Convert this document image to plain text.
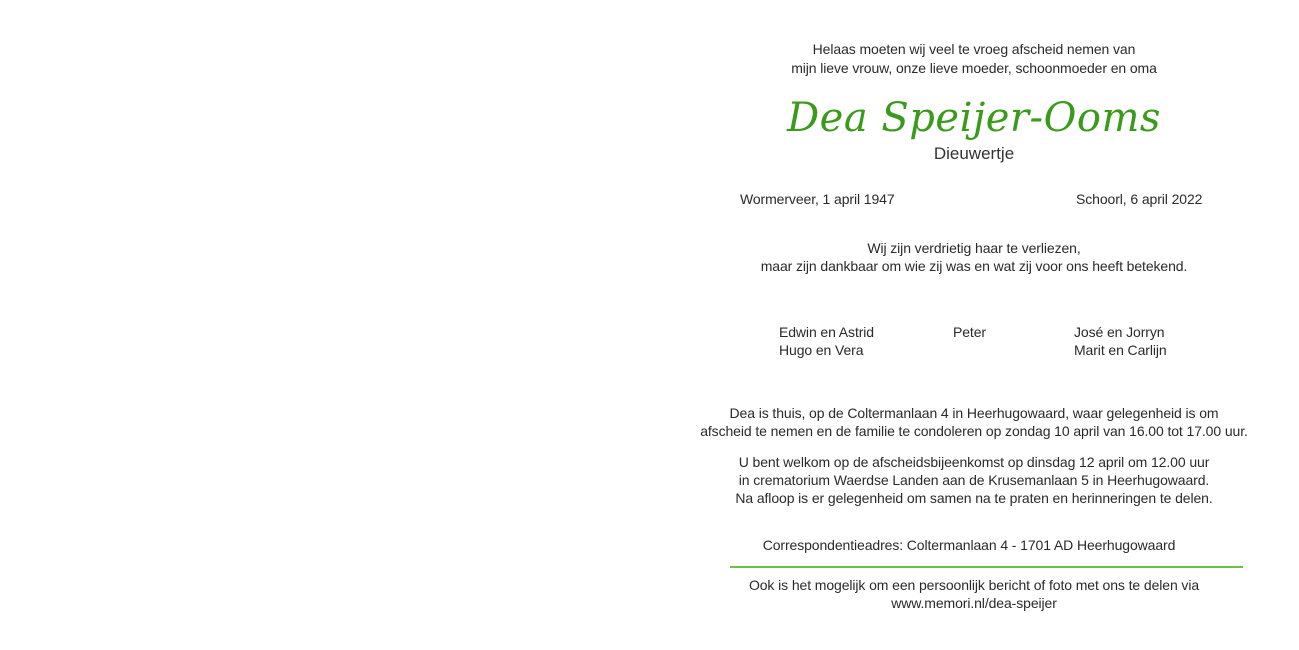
Helaas moeten wij veel te vroeg afscheid nemen van
mijn lieve vrouw, onze lieve moeder, schoonmoeder en oma
Dea Speijer-Ooms
Dieuwertje
Wormerveer, 1 april 1947	Schoorl, 6 april 2022
Wij zijn verdrietig haar te verliezen,
maar zijn dankbaar om wie zij was en wat zij voor ons heeft betekend.
Edwin en Astrid
Hugo en Vera
Peter	José en Jorryn
Marit en Carlijn
Dea is thuis, op de Coltermanlaan 4 in Heerhugowaard, waar gelegenheid is om
afscheid te nemen en de familie te condoleren op zondag 10 april van 16.00 tot 17.00 uur.
U bent welkom op de afscheidsbijeenkomst op dinsdag 12 april om 12.00 uur
in crematorium Waerdse Landen aan de Krusemanlaan 5 in Heerhugowaard.
Na afloop is er gelegenheid om samen na te praten en herinneringen te delen.
Correspondentieadres: Coltermanlaan 4 - 1701 AD Heerhugowaard
Ook is het mogelijk om een persoonlijk bericht of foto met ons te delen via
www.memori.nl/dea-speijer
